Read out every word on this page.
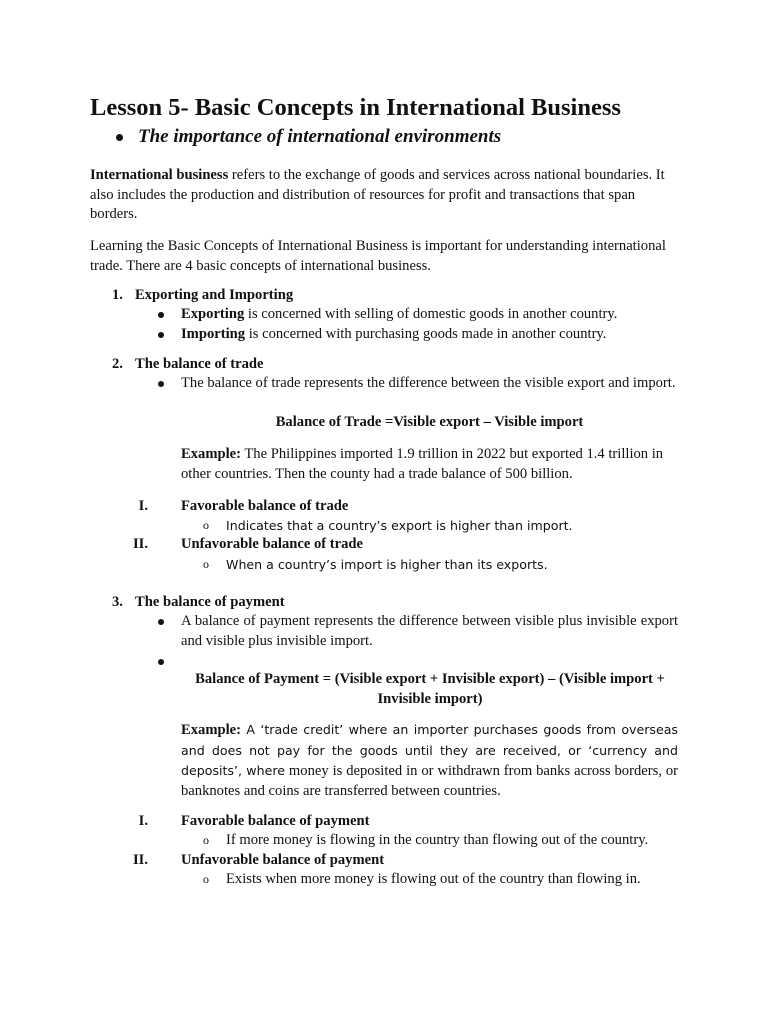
Lesson 5- Basic Concepts in International Business
The importance of international environments

International business refers to the exchange of goods and services across national boundaries. It also includes the production and distribution of resources for profit and transactions that span borders.

Learning the Basic Concepts of International Business is important for understanding international trade. There are 4 basic concepts of international business.

1. Exporting and Importing
Exporting is concerned with selling of domestic goods in another country.
Importing is concerned with purchasing goods made in another country.
2. The balance of trade
The balance of trade represents the difference between the visible export and import.
Balance of Trade =Visible export – Visible import

Example: The Philippines imported 1.9 trillion in 2022 but exported 1.4 trillion in other countries. Then the county had a trade balance of 500 billion.

I. Favorable balance of trade
o Indicates that a country’s export is higher than import.
II. Unfavorable balance of trade
o When a country’s import is higher than its exports.
3. The balance of payment
A balance of payment represents the difference between visible plus invisible export and visible plus invisible import.
Balance of Payment = (Visible export + Invisible export) – (Visible import +
Invisible import)

Example: A ‘trade credit’ where an importer purchases goods from overseas and does not pay for the goods until they are received, or ‘currency and deposits’, where money is deposited in or withdrawn from banks across borders, or banknotes and coins are transferred between countries.

I. Favorable balance of payment
o If more money is flowing in the country than flowing out of the country.
II. Unfavorable balance of payment
o Exists when more money is flowing out of the country than flowing in.
